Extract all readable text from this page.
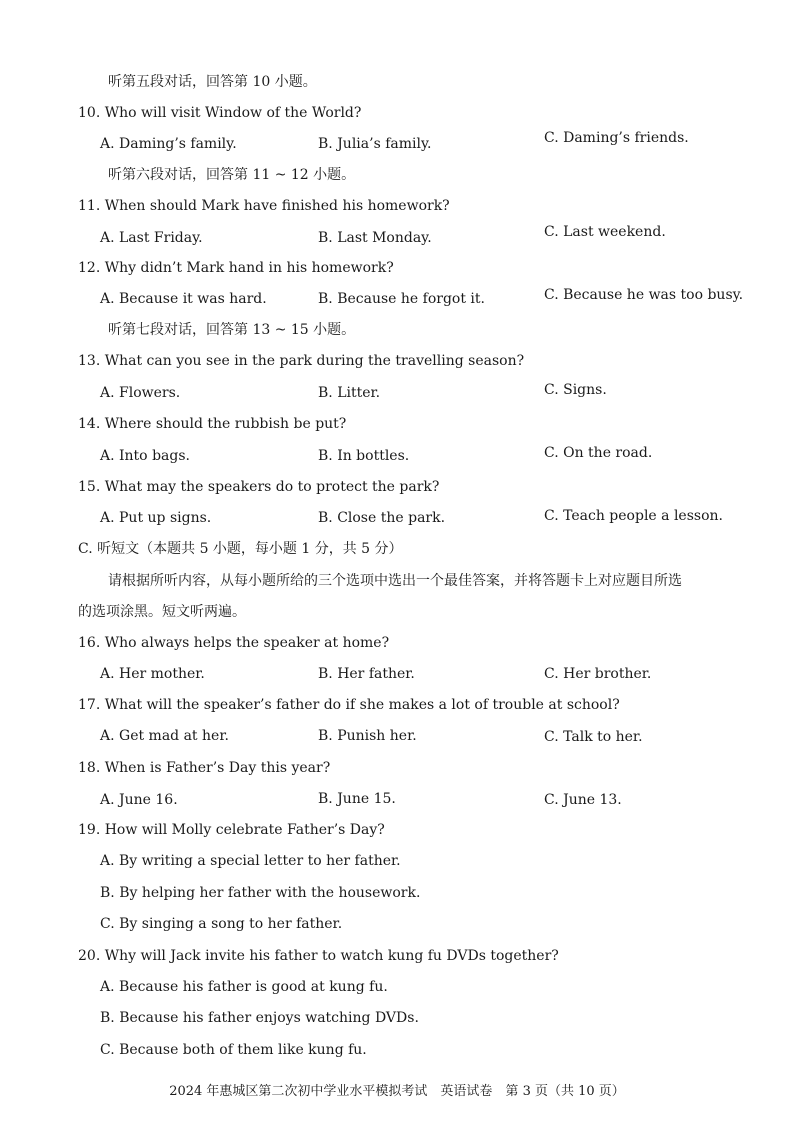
听第五段对话，回答第 10 小题。
10. Who will visit Window of the World?
A. Daming’s family.	B. Julia’s family.	C. Daming’s friends.
听第六段对话，回答第 11 ~ 12 小题。
11. When should Mark have finished his homework?
A. Last Friday.	B. Last Monday.	C. Last weekend.
12. Why didn’t Mark hand in his homework?
A. Because it was hard.	B. Because he forgot it.	C. Because he was too busy.
听第七段对话，回答第 13 ~ 15 小题。
13. What can you see in the park during the travelling season?
A. Flowers.	B. Litter.	C. Signs.
14. Where should the rubbish be put?
A. Into bags.	B. In bottles.	C. On the road.
15. What may the speakers do to protect the park?
A. Put up signs.	B. Close the park.	C. Teach people a lesson.
C. 听短文（本题共 5 小题，每小题 1 分，共 5 分）
请根据所听内容，从每小题所给的三个选项中选出一个最佳答案，并将答题卡上对应题目所选
的选项涂黑。短文听两遍。
16. Who always helps the speaker at home?
A. Her mother.	B. Her father.	C. Her brother.
17. What will the speaker’s father do if she makes a lot of trouble at school?
A. Get mad at her.	B. Punish her.	C. Talk to her.
18. When is Father’s Day this year?
A. June 16.	B. June 15.	C. June 13.
19. How will Molly celebrate Father’s Day?
A. By writing a special letter to her father.
B. By helping her father with the housework.
C. By singing a song to her father.
20. Why will Jack invite his father to watch kung fu DVDs together?
A. Because his father is good at kung fu.
B. Because his father enjoys watching DVDs.
C. Because both of them like kung fu.
2024 年惠城区第二次初中学业水平模拟考试　英语试卷　第 3 页（共 10 页）
